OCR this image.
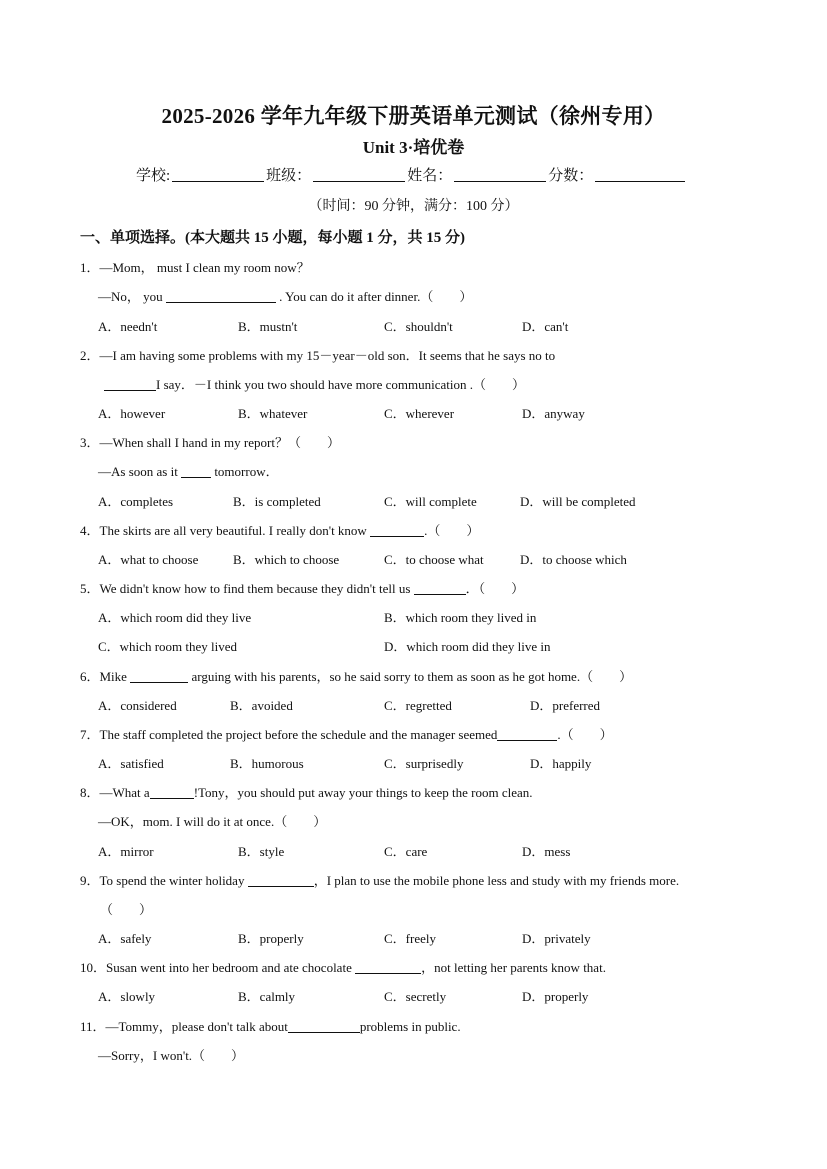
2025-2026 学年九年级下册英语单元测试（徐州专用）
Unit 3·培优卷
学校:	班级：	姓名：	分数：
（时间：90 分钟，满分：100 分）
一、单项选择。(本大题共 15 小题，每小题 1 分，共 15 分)
1．—Mom， must I clean my room now？
—No， you	. You can do it after dinner.（　　）
A．needn't	B．mustn't	C．shouldn't	D．can't
2．—I am having some problems with my 15－year－old son．It seems that he says no to
I say．－I think you two should have more communication .（　　）
A．however	B．whatever	C．wherever	D．anyway
3．—When shall I hand in my report？（　　）
—As soon as it  tomorrow．
A．completes	B．is completed	C．will complete	D．will be completed
4．The skirts are all very beautiful. I really don't know	.（　　）
A．what to choose	B．which to choose	C．to choose what	D．to choose which
5．We didn't know how to find them because they didn't tell us	．（　　）
A．which room did they live	B．which room they lived in
C．which room they lived	D．which room did they live in
6．Mike	arguing with his parents，so he said sorry to them as soon as he got home.（　　）
A．considered	B．avoided	C．regretted	D．preferred
7．The staff completed the project before the schedule and the manager seemed	.（　　）
A．satisfied	B．humorous	C．surprisedly	D．happily
8．—What a	!Tony，you should put away your things to keep the room clean.
—OK，mom. I will do it at once.（　　）
A．mirror	B．style	C．care	D．mess
9．To spend the winter holiday	，I plan to use the mobile phone less and study with my friends more.
（　　）
A．safely	B．properly	C．freely	D．privately
10．Susan went into her bedroom and ate chocolate	，not letting her parents know that.
A．slowly	B．calmly	C．secretly	D．properly
11．—Tommy，please don't talk about	problems in public.
—Sorry，I won't.（　　）
